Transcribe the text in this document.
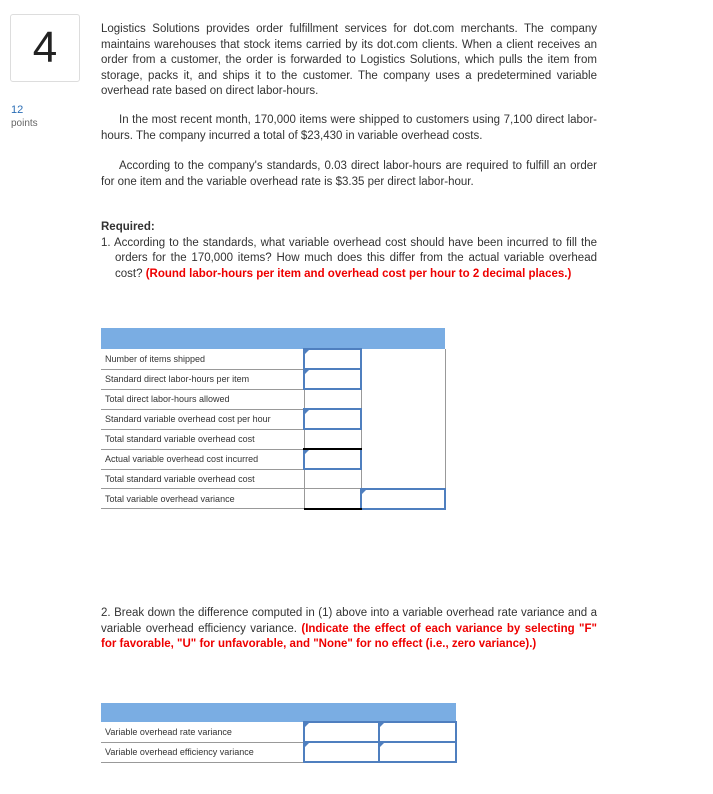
4
12
points
Logistics Solutions provides order fulfillment services for dot.com merchants. The company maintains warehouses that stock items carried by its dot.com clients. When a client receives an order from a customer, the order is forwarded to Logistics Solutions, which pulls the item from storage, packs it, and ships it to the customer. The company uses a predetermined variable overhead rate based on direct labor-hours.
In the most recent month, 170,000 items were shipped to customers using 7,100 direct labor-hours. The company incurred a total of $23,430 in variable overhead costs.
According to the company's standards, 0.03 direct labor-hours are required to fulfill an order for one item and the variable overhead rate is $3.35 per direct labor-hour.
Required:
1. According to the standards, what variable overhead cost should have been incurred to fill the orders for the 170,000 items? How much does this differ from the actual variable overhead cost? (Round labor-hours per item and overhead cost per hour to 2 decimal places.)

Number of items shipped		
Standard direct labor-hours per item		
Total direct labor-hours allowed		
Standard variable overhead cost per hour		
Total standard variable overhead cost		
Actual variable overhead cost incurred		
Total standard variable overhead cost		
Total variable overhead variance		
2. Break down the difference computed in (1) above into a variable overhead rate variance and a variable overhead efficiency variance. (Indicate the effect of each variance by selecting "F" for favorable, "U" for unfavorable, and "None" for no effect (i.e., zero variance).)

Variable overhead rate variance		
Variable overhead efficiency variance		
